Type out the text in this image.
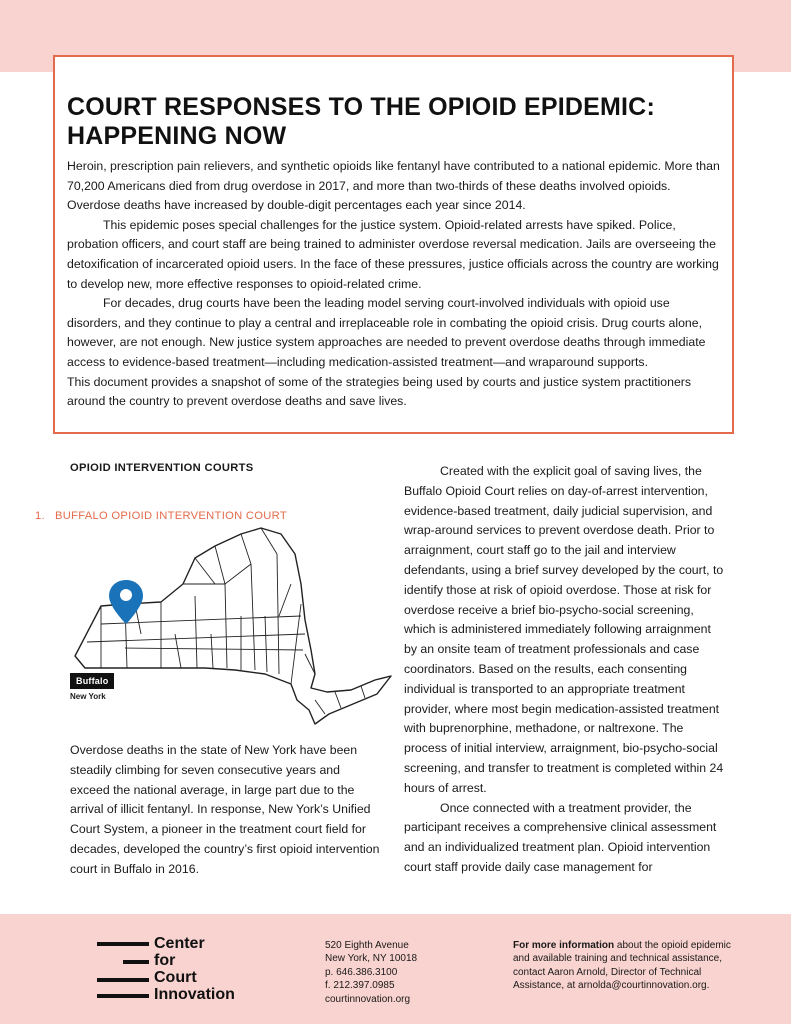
COURT RESPONSES TO THE OPIOID EPIDEMIC: HAPPENING NOW

Heroin, prescription pain relievers, and synthetic opioids like fentanyl have contributed to a national epidemic. More than 70,200 Americans died from drug overdose in 2017, and more than two-thirds of these deaths involved opioids. Overdose deaths have increased by double-digit percentages each year since 2014.

This epidemic poses special challenges for the justice system. Opioid-related arrests have spiked. Police, probation officers, and court staff are being trained to administer overdose reversal medication. Jails are overseeing the detoxification of incarcerated opioid users. In the face of these pressures, justice officials across the country are working to develop new, more effective responses to opioid-related crime.

For decades, drug courts have been the leading model serving court-involved individuals with opioid use disorders, and they continue to play a central and irreplaceable role in combating the opioid crisis. Drug courts alone, however, are not enough. New justice system approaches are needed to prevent overdose deaths through immediate access to evidence-based treatment—including medication-assisted treatment—and wraparound supports.

This document provides a snapshot of some of the strategies being used by courts and justice system practitioners around the country to prevent overdose deaths and save lives.

OPIOID INTERVENTION COURTS
1. BUFFALO OPIOID INTERVENTION COURT
Buffalo
New York

Overdose deaths in the state of New York have been steadily climbing for seven consecutive years and exceed the national average, in large part due to the arrival of illicit fentanyl. In response, New York’s Unified Court System, a pioneer in the treatment court field for decades, developed the country’s first opioid intervention court in Buffalo in 2016.

Created with the explicit goal of saving lives, the Buffalo Opioid Court relies on day-of-arrest intervention, evidence-based treatment, daily judicial supervision, and wrap-around services to prevent overdose death. Prior to arraignment, court staff go to the jail and interview defendants, using a brief survey developed by the court, to identify those at risk of opioid overdose. Those at risk for overdose receive a brief bio-psycho-social screening, which is administered immediately following arraignment by an onsite team of treatment professionals and case coordinators. Based on the results, each consenting individual is transported to an appropriate treatment provider, where most begin medication-assisted treatment with buprenorphine, methadone, or naltrexone. The process of initial interview, arraignment, bio-psycho-social screening, and transfer to treatment is completed within 24 hours of arrest.

Once connected with a treatment provider, the participant receives a comprehensive clinical assessment and an individualized treatment plan. Opioid intervention court staff provide daily case management for

Center
for
Court
Innovation
520 Eighth Avenue
New York, NY 10018
p. 646.386.3100
f. 212.397.0985
courtinnovation.org
For more information about the opioid epidemic and available training and technical assistance, contact Aaron Arnold, Director of Technical Assistance, at arnolda@courtinnovation.org.
